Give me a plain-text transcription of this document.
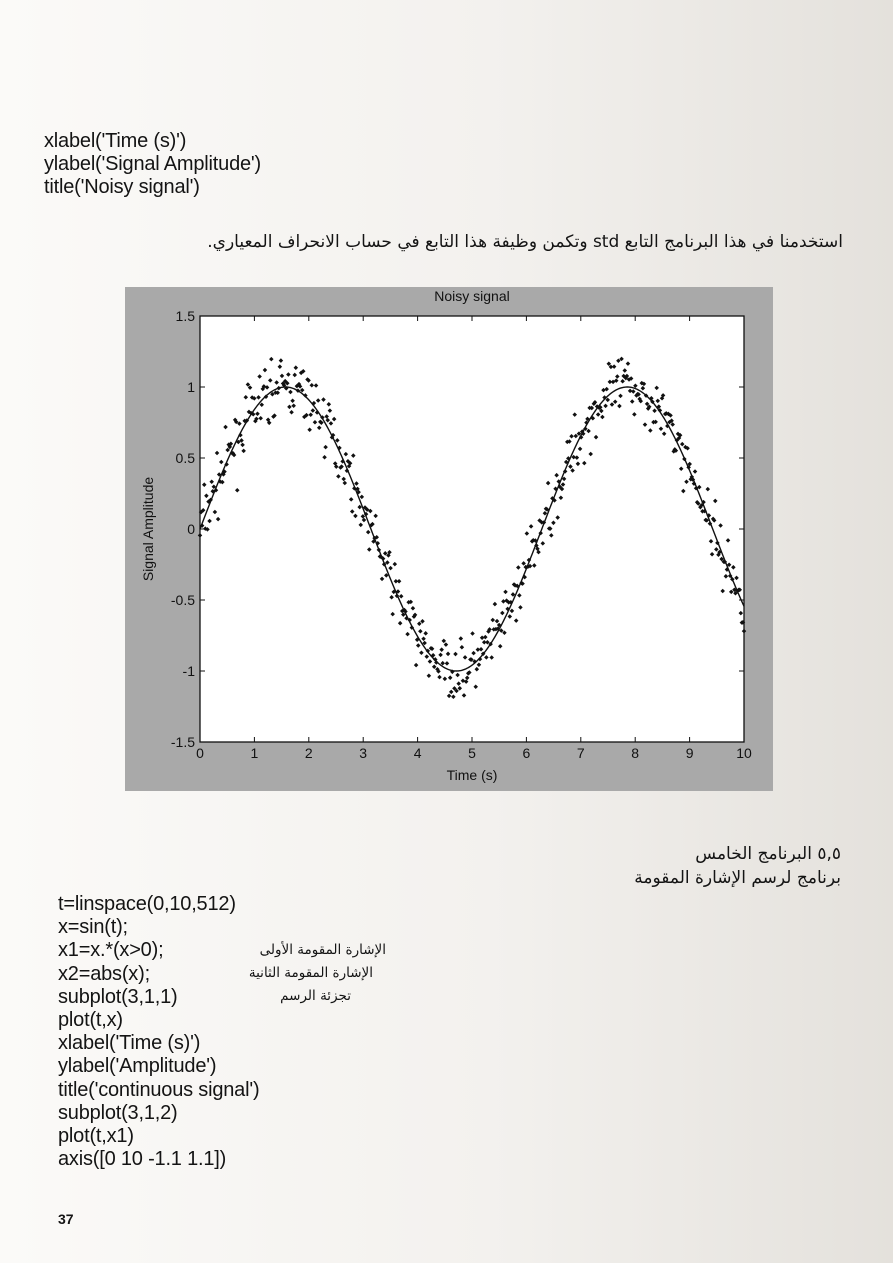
xlabel('Time (s)')
ylabel('Signal Amplitude')
title('Noisy signal')
استخدمنا في هذا البرنامج التابع std وتكمن وظيفة هذا التابع في حساب الانحراف المعياري.
0	1	2	3	4	5	6	7	8	9	10
-1.5
-1
-0.5
0
0.5
1
1.5
Noisy signal
Time (s)
Signal Amplitude
٥,٥ البرنامج الخامس
برنامج لرسم الإشارة المقومة
t=linspace(0,10,512)
x=sin(t);
x1=x.*(x>0);
x2=abs(x);
subplot(3,1,1)
plot(t,x)
xlabel('Time (s)')
ylabel('Amplitude')
title('continuous signal')
subplot(3,1,2)
plot(t,x1)
axis([0 10 -1.1 1.1])
الإشارة المقومة الأولى
الإشارة المقومة الثانية
تجزئة الرسم
37
